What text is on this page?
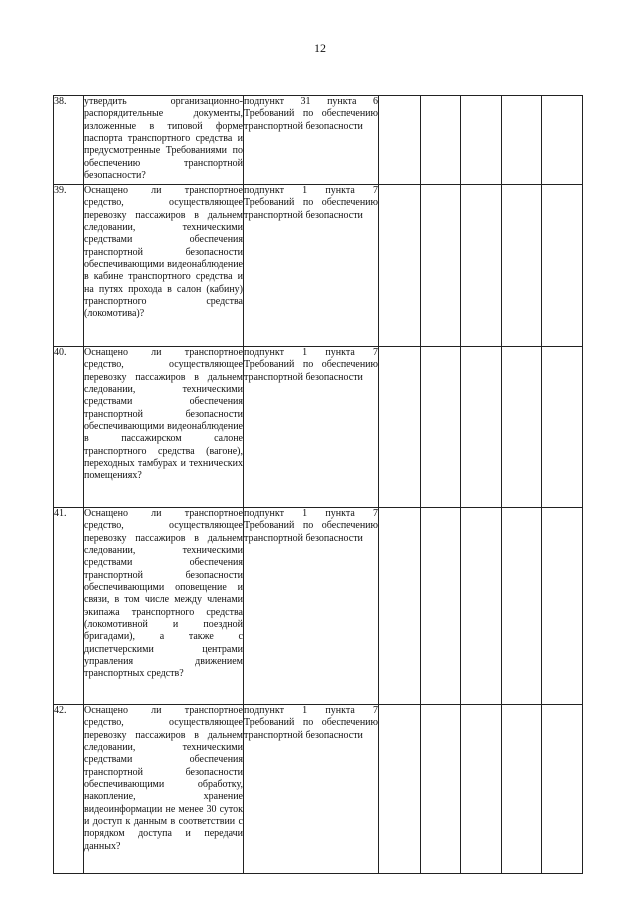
12
38.	утвердить организационно-распорядительные документы, изложенные в типовой форме паспорта транспортного средства и предусмотренные Требованиями по обеспечению транспортной безопасности?	подпункт 31 пункта 6 Требований по обеспечению транспортной безопасности					
39.	Оснащено ли транспортное средство, осуществляющее перевозку пассажиров в дальнем следовании, техническими средствами обеспечения транспортной безопасности обеспечивающими видеонаблюдение в кабине транспортного средства и на путях прохода в салон (кабину) транспортного средства (локомотива)?	подпункт 1 пункта 7 Требований по обеспечению транспортной безопасности					
40.	Оснащено ли транспортное средство, осуществляющее перевозку пассажиров в дальнем следовании, техническими средствами обеспечения транспортной безопасности обеспечивающими видеонаблюдение в пассажирском салоне транспортного средства (вагоне), переходных тамбурах и технических помещениях?	подпункт 1 пункта 7 Требований по обеспечению транспортной безопасности					
41.	Оснащено ли транспортное средство, осуществляющее перевозку пассажиров в дальнем следовании, техническими средствами обеспечения транспортной безопасности обеспечивающими оповещение и связи, в том числе между членами экипажа транспортного средства (локомотивной и поездной бригадами), а также с диспетчерскими центрами управления движением транспортных средств?	подпункт 1 пункта 7 Требований по обеспечению транспортной безопасности					
42.	Оснащено ли транспортное средство, осуществляющее перевозку пассажиров в дальнем следовании, техническими средствами обеспечения транспортной безопасности обеспечивающими обработку, накопление, хранение видеоинформации не менее 30 суток и доступ к данным в соответствии с порядком доступа и передачи данных?	подпункт 1 пункта 7 Требований по обеспечению транспортной безопасности					
